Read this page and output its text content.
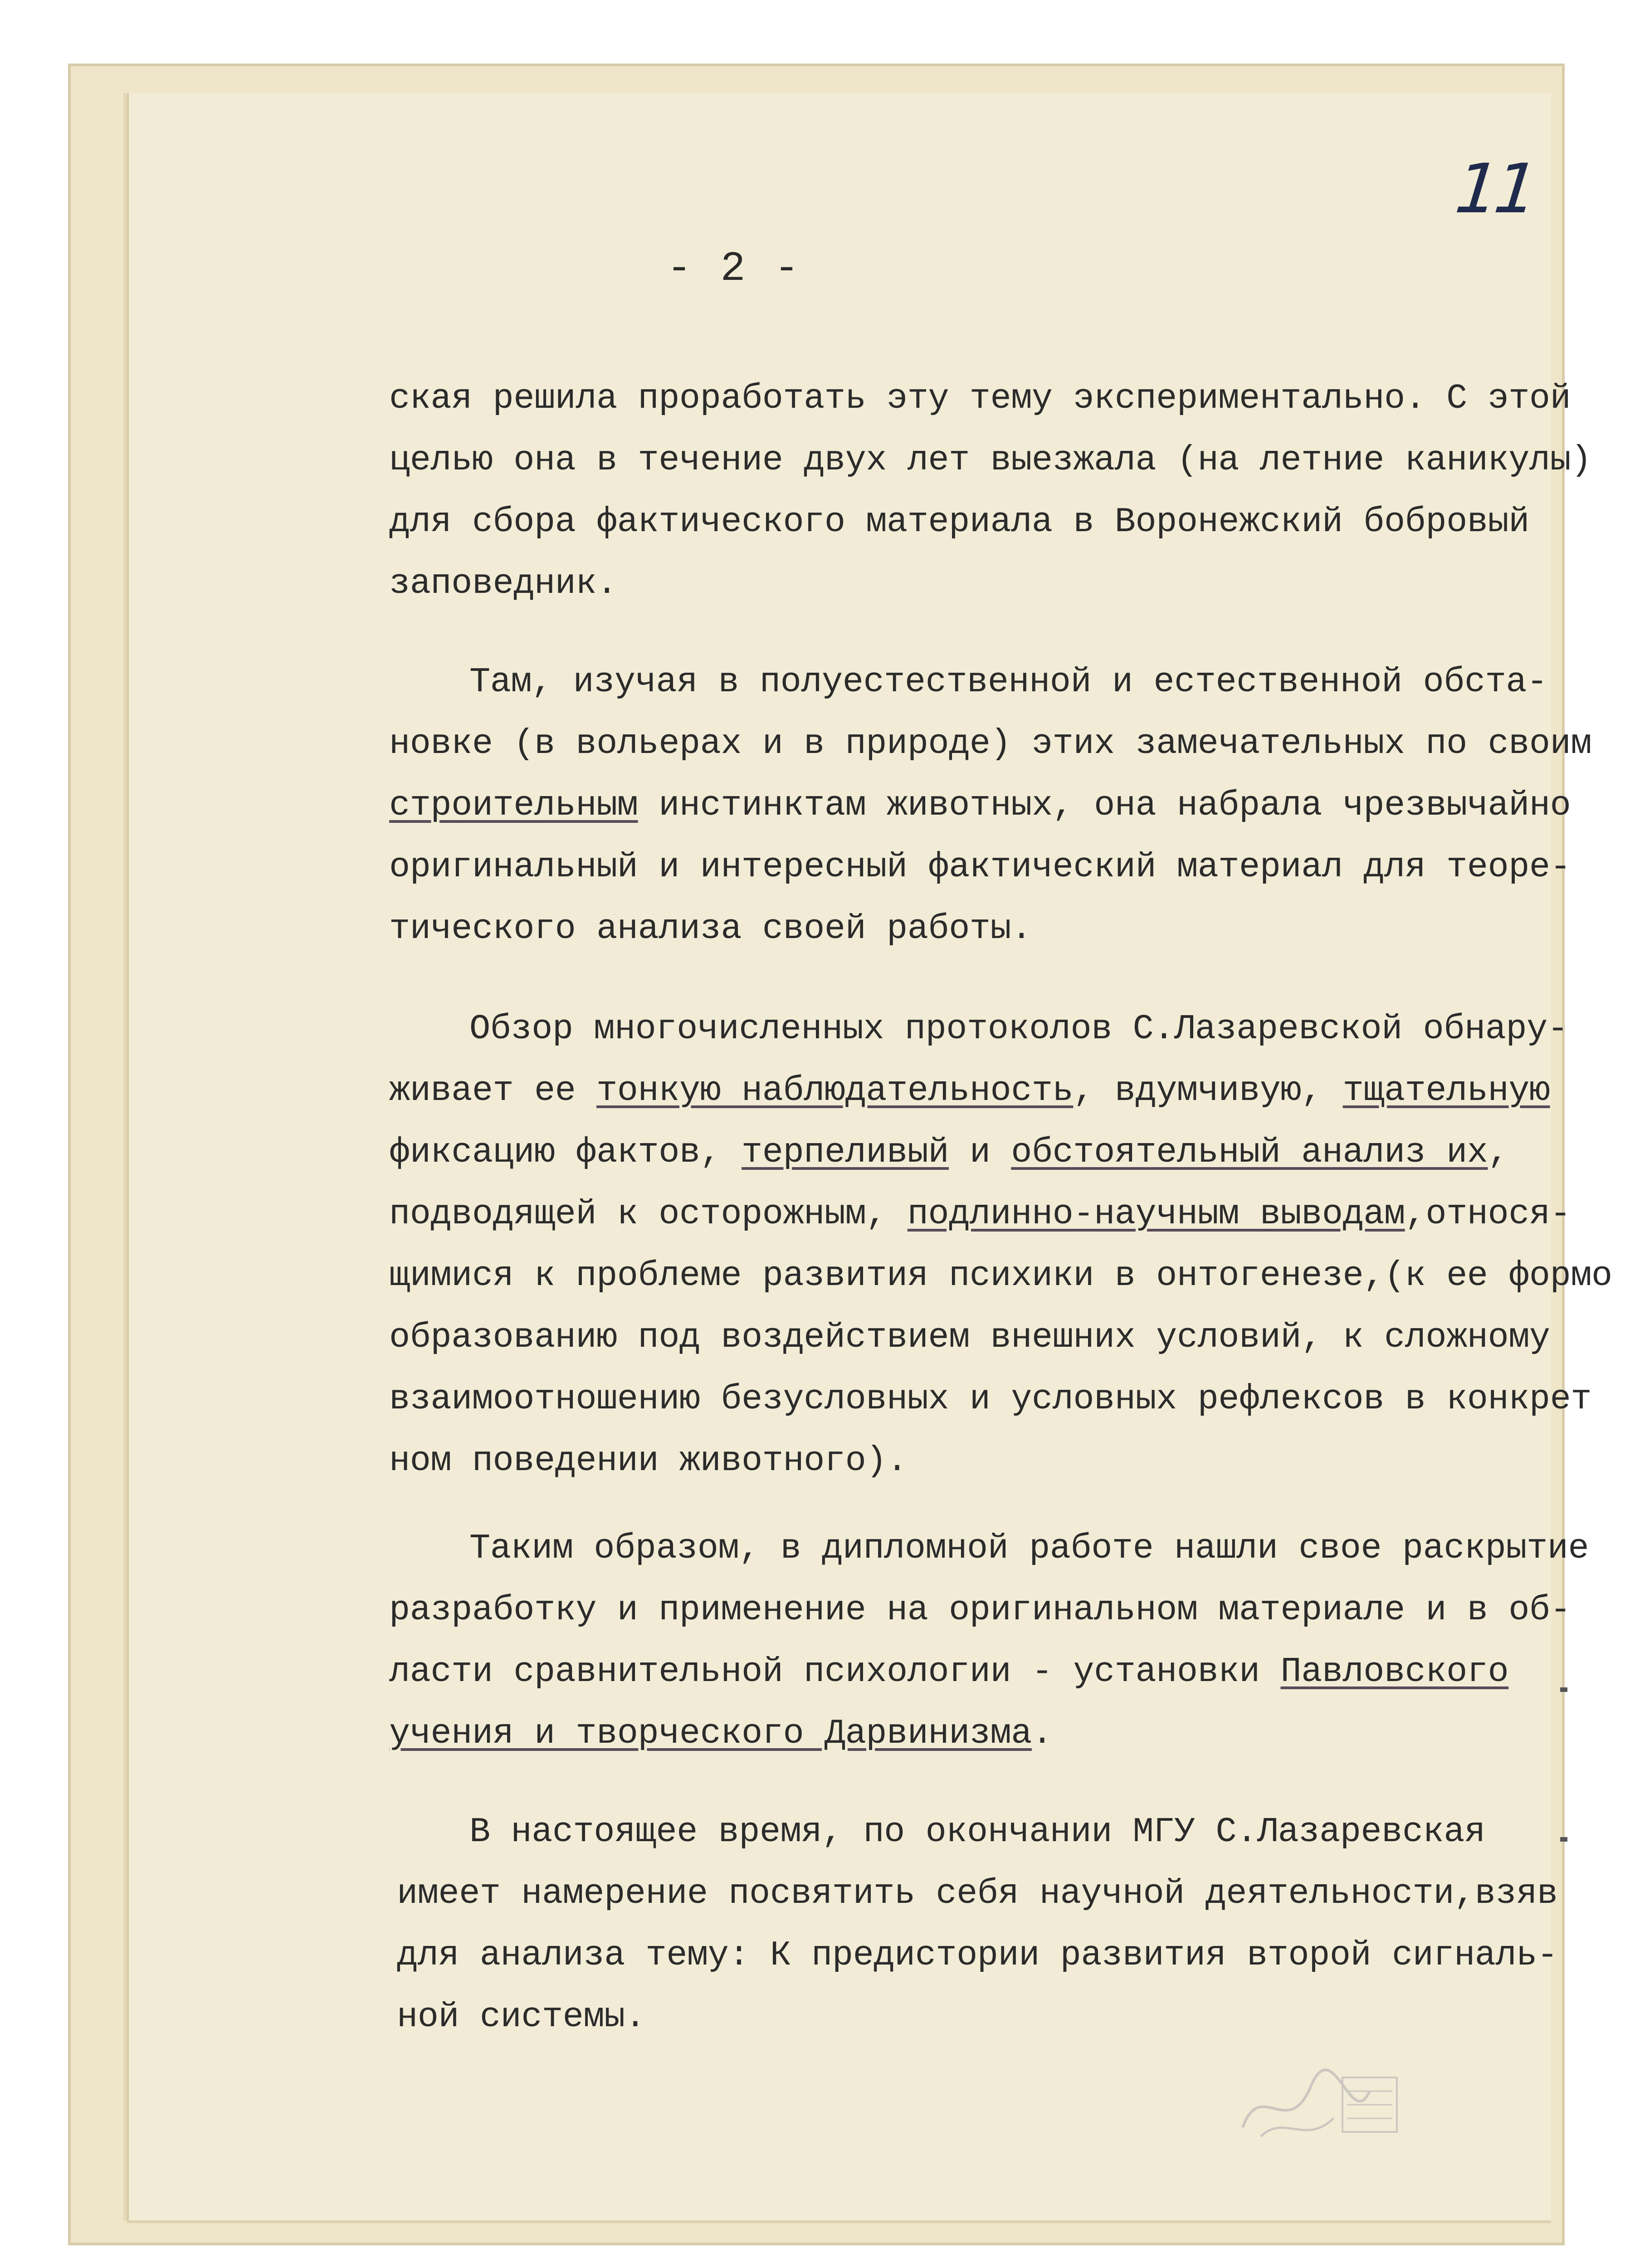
11
- 2 -
ская решила проработать эту тему экспериментально. С этой
целью она в течение двух лет выезжала (на летние каникулы)
для сбора фактического материала в Воронежский бобровый
заповедник.
Там, изучая в полуестественной и естественной обста-
новке (в вольерах и в природе) этих замечательных по своим
строительным инстинктам животных, она набрала чрезвычайно
оригинальный и интересный фактический материал для теоре-
тического анализа своей работы.
Обзор многочисленных протоколов С.Лазаревской обнару-
живает ее тонкую наблюдательность, вдумчивую, тщательную
фиксацию фактов, терпеливый и обстоятельный анализ их,
подводящей к осторожным, подлинно-научным выводам,относя-
щимися к проблеме развития психики в онтогенезе,(к ее формо
образованию под воздействием внешних условий, к сложному
взаимоотношению безусловных и условных рефлексов в конкрет
ном поведении животного).
Таким образом, в дипломной работе нашли свое раскрытие
разработку и применение на оригинальном материале и в об-
ласти сравнительной психологии - установки Павловского
учения и творческого Дарвинизма.
В настоящее время, по окончании МГУ С.Лазаревская
имеет намерение посвятить себя научной деятельности,взяв
для анализа тему: К предистории развития второй сигналь-
ной системы.
